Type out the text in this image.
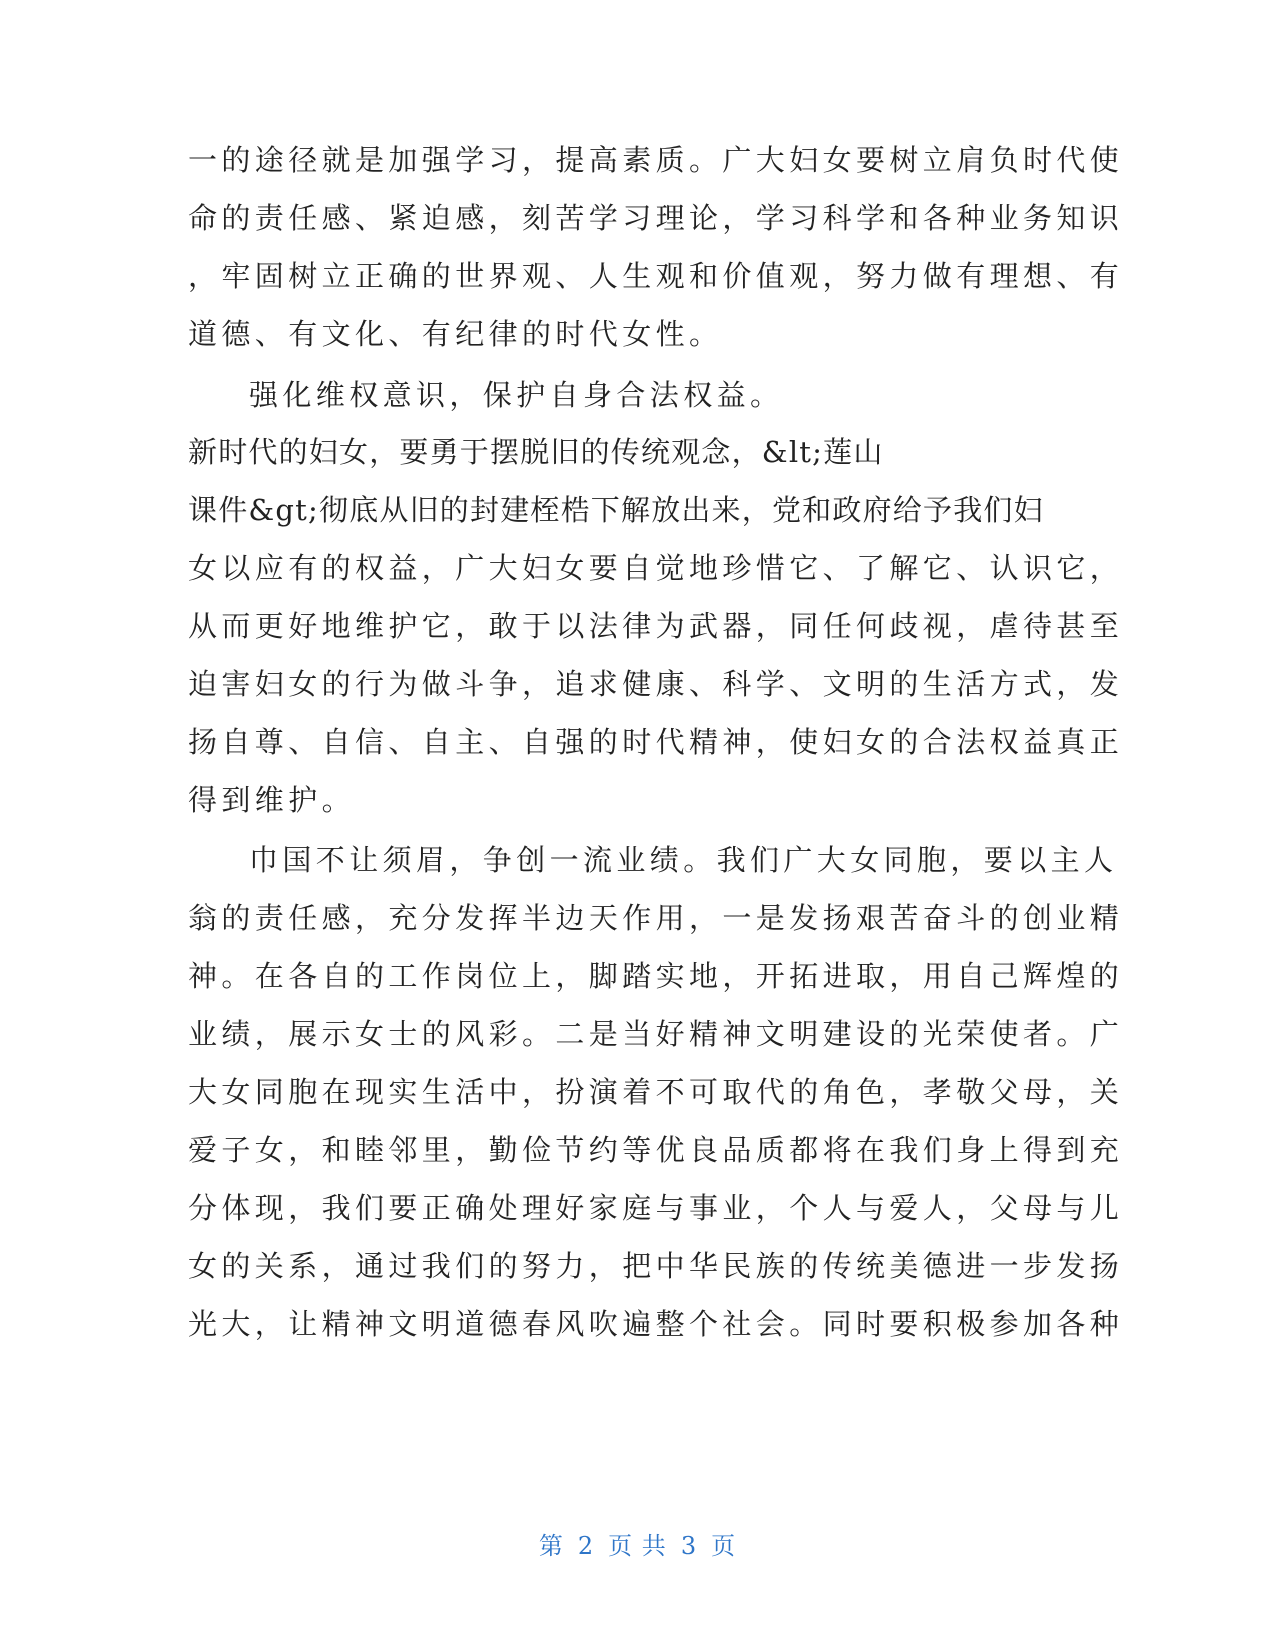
一的途径就是加强学习，提高素质。广大妇女要树立肩负时代使
命的责任感、紧迫感，刻苦学习理论，学习科学和各种业务知识
，牢固树立正确的世界观、人生观和价值观，努力做有理想、有
道德、有文化、有纪律的时代女性。
强化维权意识，保护自身合法权益。
新时代的妇女，要勇于摆脱旧的传统观念，&lt;莲山
课件&gt;彻底从旧的封建桎梏下解放出来，党和政府给予我们妇
女以应有的权益，广大妇女要自觉地珍惜它、了解它、认识它，
从而更好地维护它，敢于以法律为武器，同任何歧视，虐待甚至
迫害妇女的行为做斗争，追求健康、科学、文明的生活方式，发
扬自尊、自信、自主、自强的时代精神，使妇女的合法权益真正
得到维护。
巾国不让须眉，争创一流业绩。我们广大女同胞，要以主人
翁的责任感，充分发挥半边天作用，一是发扬艰苦奋斗的创业精
神。在各自的工作岗位上，脚踏实地，开拓进取，用自己辉煌的
业绩，展示女士的风彩。二是当好精神文明建设的光荣使者。广
大女同胞在现实生活中，扮演着不可取代的角色，孝敬父母，关
爱子女，和睦邻里，勤俭节约等优良品质都将在我们身上得到充
分体现，我们要正确处理好家庭与事业，个人与爱人，父母与儿
女的关系，通过我们的努力，把中华民族的传统美德进一步发扬
光大，让精神文明道德春风吹遍整个社会。同时要积极参加各种
第 2 页 共 3 页
